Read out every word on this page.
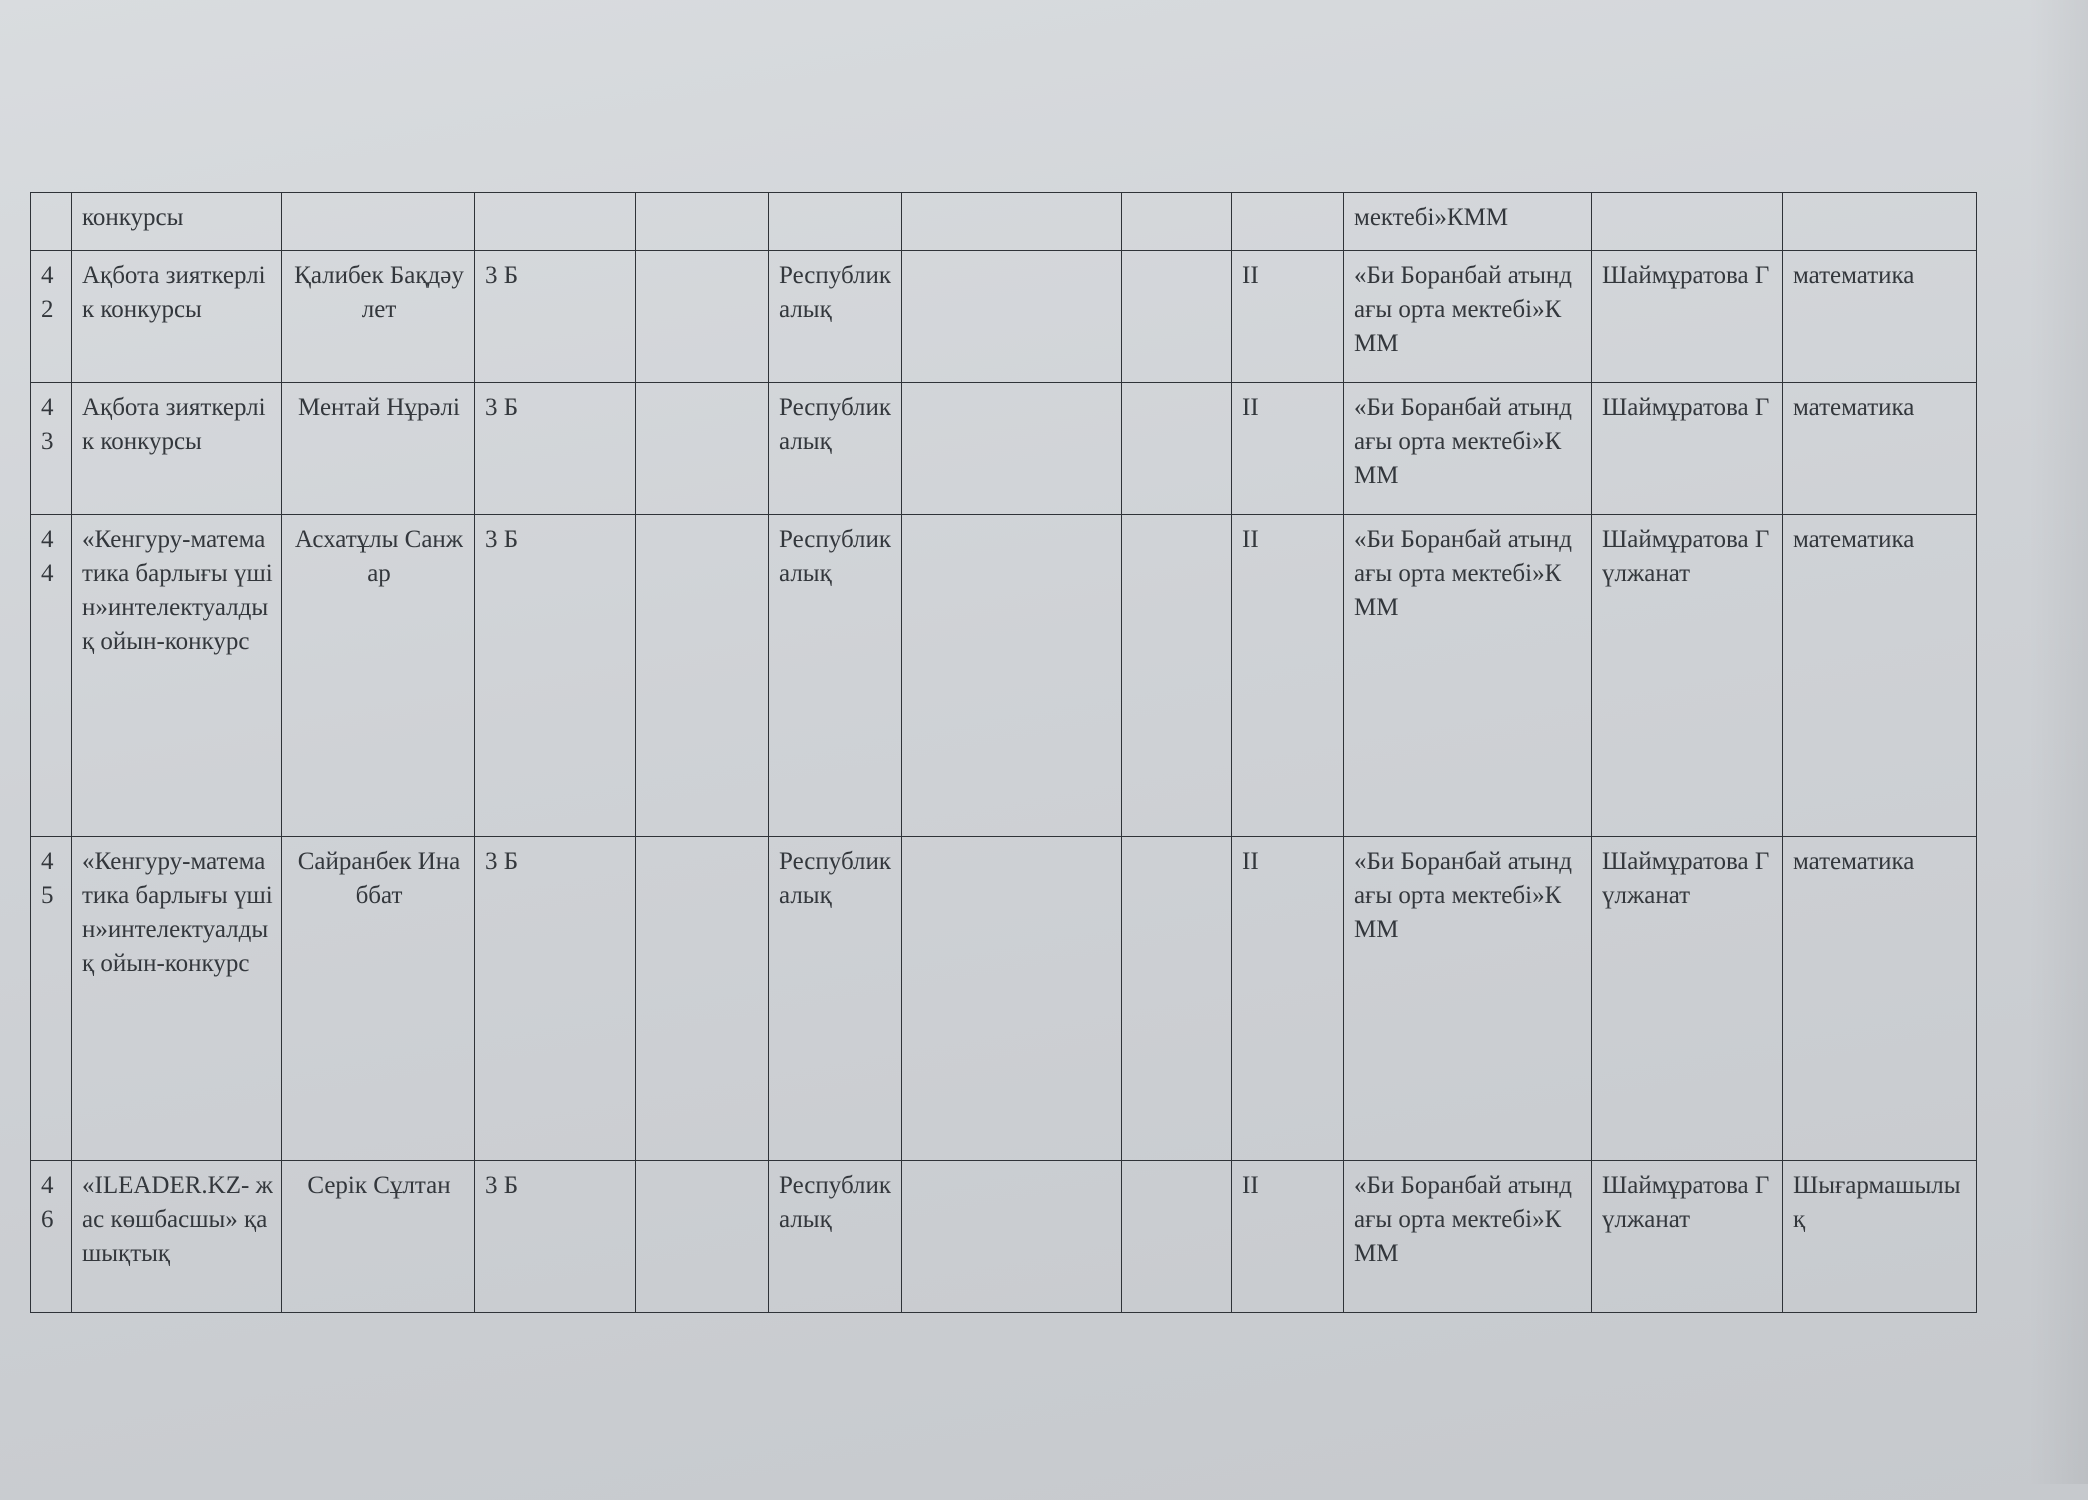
	конкурсы								мектебі»КММ		
42	Ақбота зияткерлік конкурсы	Қалибек Бақдәулет	3 Б		Республикалық			II	«Би Боранбай атындағы орта мектебі»КММ	Шаймұратова Г	математика
43	Ақбота зияткерлік конкурсы	Ментай Нұрәлі	3 Б		Республикалық			II	«Би Боранбай атындағы орта мектебі»КММ	Шаймұратова Г	математика
44	«Кенгуру-математика барлығы үшін»интелектуалдық ойын-конкурс	Асхатұлы Санжар	3 Б		Республикалық			II	«Би Боранбай атындағы орта мектебі»КММ	Шаймұратова Гүлжанат	математика
45	«Кенгуру-математика барлығы үшін»интелектуалдық ойын-конкурс	Сайранбек Инаббат	3 Б		Республикалық			II	«Би Боранбай атындағы орта мектебі»КММ	Шаймұратова Гүлжанат	математика
46	«ILEADER.KZ- жас көшбасшы» қашықтық	Серік Сұлтан	3 Б		Республикалық			II	«Би Боранбай атындағы орта мектебі»КММ	Шаймұратова Гүлжанат	Шығармашылық
